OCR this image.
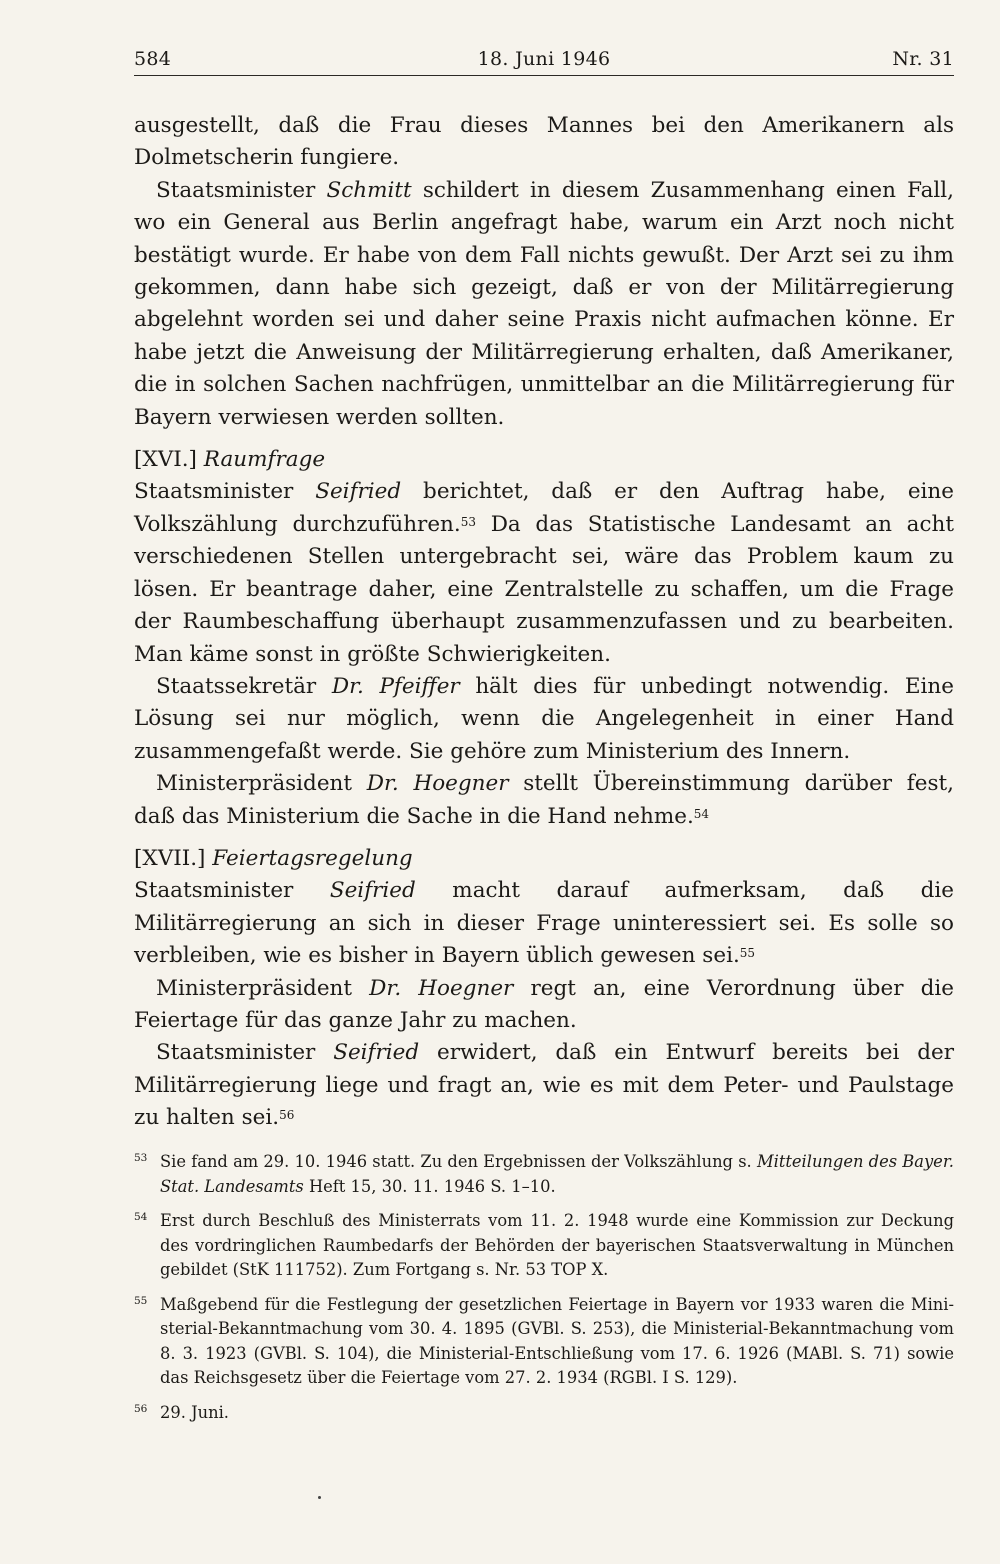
584	18. Juni 1946	Nr. 31

ausgestellt, daß die Frau dieses Mannes bei den Amerikanern als Dolmetscherin fungiere.

Staatsminister Schmitt schildert in diesem Zusammenhang einen Fall, wo ein General aus Berlin angefragt habe, warum ein Arzt noch nicht bestätigt wurde. Er habe von dem Fall nichts gewußt. Der Arzt sei zu ihm gekommen, dann habe sich gezeigt, daß er von der Militärregierung abgelehnt worden sei und daher seine Praxis nicht aufmachen könne. Er habe jetzt die Anweisung der Militärregierung erhalten, daß Amerikaner, die in solchen Sachen nachfrügen, unmittelbar an die Militärregierung für Bayern verwiesen werden sollten.

[XVI.] Raumfrage

Staatsminister Seifried berichtet, daß er den Auftrag habe, eine Volkszählung durchzuführen.$^{53}$ Da das Statistische Landesamt an acht verschiedenen Stellen untergebracht sei, wäre das Problem kaum zu lösen. Er beantrage daher, eine Zentralstelle zu schaffen, um die Frage der Raumbeschaffung überhaupt zusammenzufassen und zu bearbeiten. Man käme sonst in größte Schwierigkeiten.

Staatssekretär Dr. Pfeiffer hält dies für unbedingt notwendig. Eine Lösung sei nur möglich, wenn die Angelegenheit in einer Hand zusammengefaßt werde. Sie gehöre zum Ministerium des Innern.

Ministerpräsident Dr. Hoegner stellt Übereinstimmung darüber fest, daß das Ministerium die Sache in die Hand nehme.$^{54}$

[XVII.] Feiertagsregelung

Staatsminister Seifried macht darauf aufmerksam, daß die Militärregierung an sich in dieser Frage uninteressiert sei. Es solle so verbleiben, wie es bisher in Bayern üblich gewesen sei.$^{55}$

Ministerpräsident Dr. Hoegner regt an, eine Verordnung über die Feiertage für das ganze Jahr zu machen.

Staatsminister Seifried erwidert, daß ein Entwurf bereits bei der Militärregierung liege und fragt an, wie es mit dem Peter- und Paulstage zu halten sei.$^{56}$

53 Sie fand am 29. 10. 1946 statt. Zu den Ergebnissen der Volkszählung s. Mitteilungen des Bayer. Stat. Landesamts Heft 15, 30. 11. 1946 S. 1–10.
54 Erst durch Beschluß des Ministerrats vom 11. 2. 1948 wurde eine Kommission zur Deckung des vordringlichen Raumbedarfs der Behörden der bayerischen Staatsverwaltung in München gebildet (StK 111752). Zum Fortgang s. Nr. 53 TOP X.
55 Maßgebend für die Festlegung der gesetzlichen Feiertage in Bayern vor 1933 waren die Ministerial-Bekanntmachung vom 30. 4. 1895 (GVBl. S. 253), die Ministerial-Bekanntmachung vom 8. 3. 1923 (GVBl. S. 104), die Ministerial-Entschließung vom 17. 6. 1926 (MABl. S. 71) sowie das Reichsgesetz über die Feiertage vom 27. 2. 1934 (RGBl. I S. 129).
56 29. Juni.
